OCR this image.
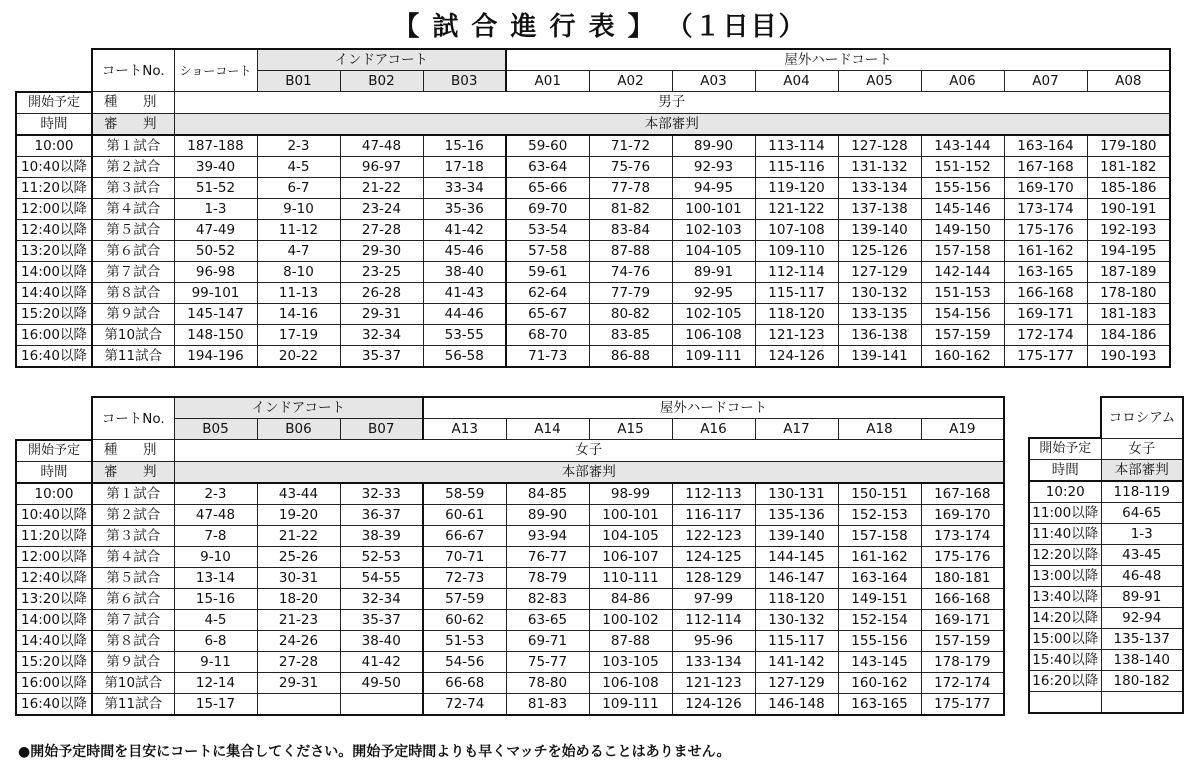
【 試 合 進 行 表 】 （１日目）
	コートNo.	ショーコート	インドアコート			屋外ハードコート							
			B01	B02	B03	A01	A02	A03	A04	A05	A06	A07	A08
開始予定	種　別	男子											
時間	審　判	本部審判											
10:00	第１試合	187-188	2-3	47-48	15-16	59-60	71-72	89-90	113-114	127-128	143-144	163-164	179-180
10:40以降	第２試合	39-40	4-5	96-97	17-18	63-64	75-76	92-93	115-116	131-132	151-152	167-168	181-182
11:20以降	第３試合	51-52	6-7	21-22	33-34	65-66	77-78	94-95	119-120	133-134	155-156	169-170	185-186
12:00以降	第４試合	1-3	9-10	23-24	35-36	69-70	81-82	100-101	121-122	137-138	145-146	173-174	190-191
12:40以降	第５試合	47-49	11-12	27-28	41-42	53-54	83-84	102-103	107-108	139-140	149-150	175-176	192-193
13:20以降	第６試合	50-52	4-7	29-30	45-46	57-58	87-88	104-105	109-110	125-126	157-158	161-162	194-195
14:00以降	第７試合	96-98	8-10	23-25	38-40	59-61	74-76	89-91	112-114	127-129	142-144	163-165	187-189
14:40以降	第８試合	99-101	11-13	26-28	41-43	62-64	77-79	92-95	115-117	130-132	151-153	166-168	178-180
15:20以降	第９試合	145-147	14-16	29-31	44-46	65-67	80-82	102-105	118-120	133-135	154-156	169-171	181-183
16:00以降	第10試合	148-150	17-19	32-34	53-55	68-70	83-85	106-108	121-123	136-138	157-159	172-174	184-186
16:40以降	第11試合	194-196	20-22	35-37	56-58	71-73	86-88	109-111	124-126	139-141	160-162	175-177	190-193
	コートNo.	インドアコート			屋外ハードコート						
		B05	B06	B07	A13	A14	A15	A16	A17	A18	A19
開始予定	種　別	女子									
時間	審　判	本部審判									
10:00	第１試合	2-3	43-44	32-33	58-59	84-85	98-99	112-113	130-131	150-151	167-168
10:40以降	第２試合	47-48	19-20	36-37	60-61	89-90	100-101	116-117	135-136	152-153	169-170
11:20以降	第３試合	7-8	21-22	38-39	66-67	93-94	104-105	122-123	139-140	157-158	173-174
12:00以降	第４試合	9-10	25-26	52-53	70-71	76-77	106-107	124-125	144-145	161-162	175-176
12:40以降	第５試合	13-14	30-31	54-55	72-73	78-79	110-111	128-129	146-147	163-164	180-181
13:20以降	第６試合	15-16	18-20	32-34	57-59	82-83	84-86	97-99	118-120	149-151	166-168
14:00以降	第７試合	4-5	21-23	35-37	60-62	63-65	100-102	112-114	130-132	152-154	169-171
14:40以降	第８試合	6-8	24-26	38-40	51-53	69-71	87-88	95-96	115-117	155-156	157-159
15:20以降	第９試合	9-11	27-28	41-42	54-56	75-77	103-105	133-134	141-142	143-145	178-179
16:00以降	第10試合	12-14	29-31	49-50	66-68	78-80	106-108	121-123	127-129	160-162	172-174
16:40以降	第11試合	15-17			72-74	81-83	109-111	124-126	146-148	163-165	175-177
	コロシアム

開始予定	女子
時間	本部審判
10:20	118-119
11:00以降	64-65
11:40以降	1-3
12:20以降	43-45
13:00以降	46-48
13:40以降	89-91
14:20以降	92-94
15:00以降	135-137
15:40以降	138-140
16:20以降	180-182

●開始予定時間を目安にコートに集合してください。開始予定時間よりも早くマッチを始めることはありません。
